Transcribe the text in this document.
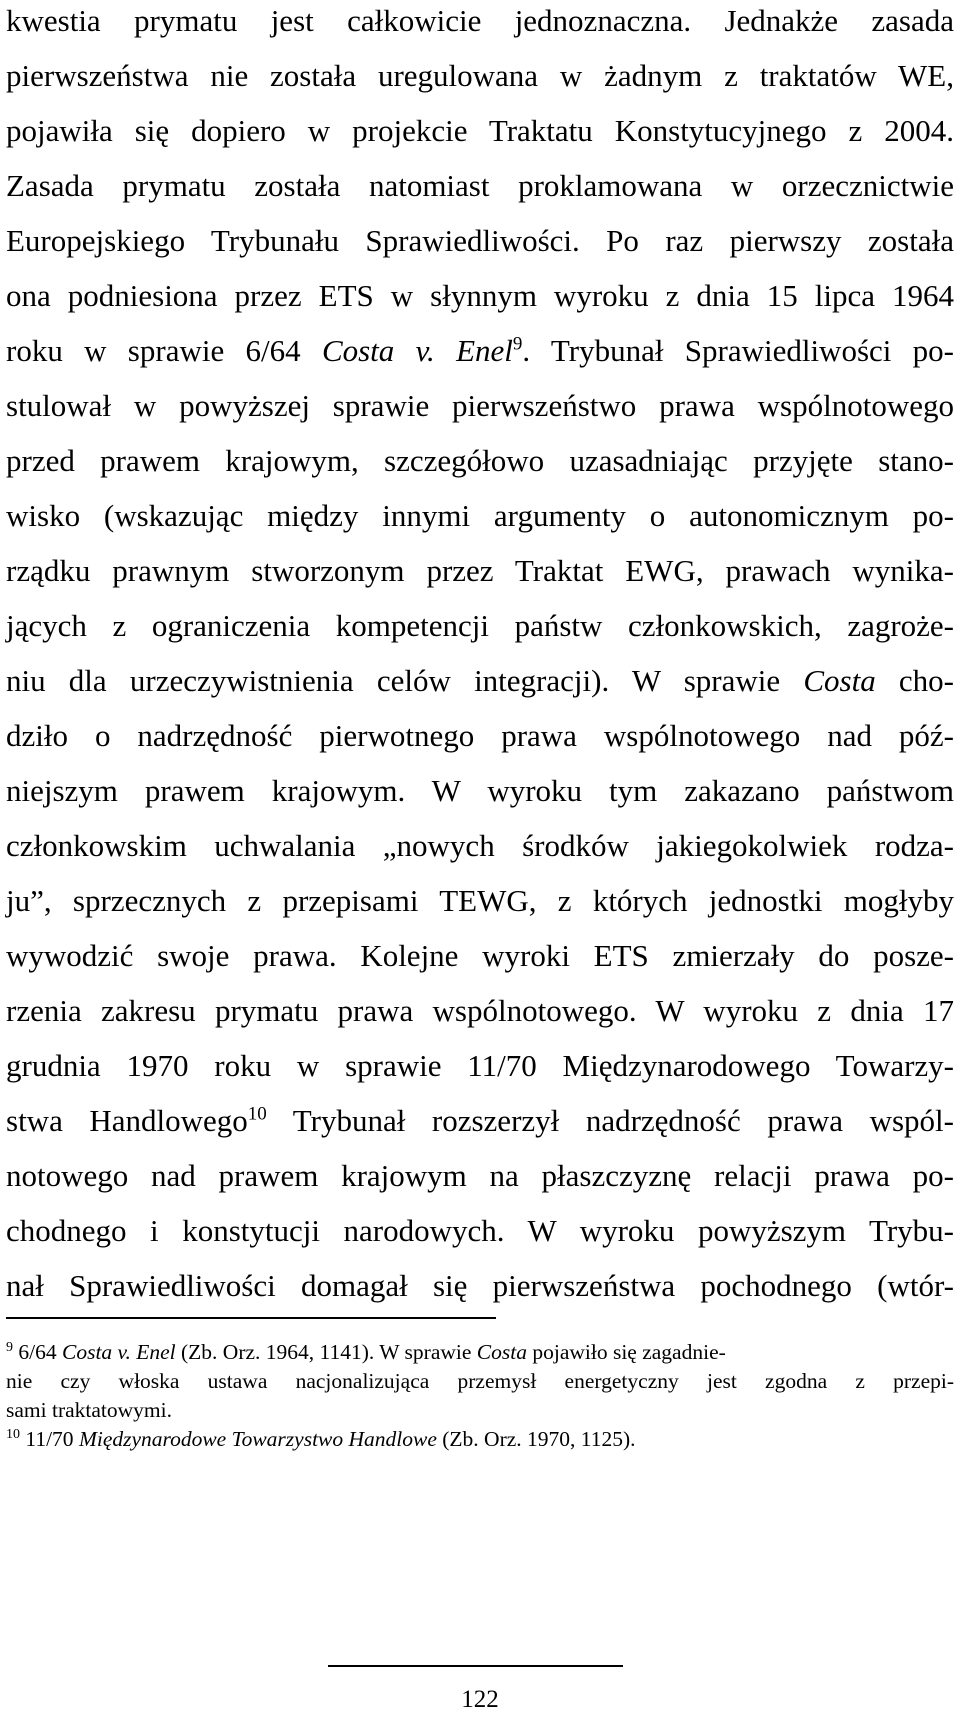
kwestia prymatu jest całkowicie jednoznaczna. Jednakże zasada

pierwszeństwa nie została uregulowana w żadnym z traktatów WE,

pojawiła się dopiero w projekcie Traktatu Konstytucyjnego z 2004.

Zasada prymatu została natomiast proklamowana w orzecznictwie

Europejskiego Trybunału Sprawiedliwości. Po raz pierwszy została

ona podniesiona przez ETS w słynnym wyroku z dnia 15 lipca 1964

roku w sprawie 6/64 Costa v. Enel$^9$. Trybunał Sprawiedliwości po-

stulował w powyższej sprawie pierwszeństwo prawa wspólnotowego

przed prawem krajowym, szczegółowo uzasadniając przyjęte stano-

wisko (wskazując między innymi argumenty o autonomicznym po-

rządku prawnym stworzonym przez Traktat EWG, prawach wynika-

jących z ograniczenia kompetencji państw członkowskich, zagroże-

niu dla urzeczywistnienia celów integracji). W sprawie Costa cho-

dziło o nadrzędność pierwotnego prawa wspólnotowego nad póź-

niejszym prawem krajowym. W wyroku tym zakazano państwom

członkowskim uchwalania „nowych środków jakiegokolwiek rodza-

ju”, sprzecznych z przepisami TEWG, z których jednostki mogłyby

wywodzić swoje prawa. Kolejne wyroki ETS zmierzały do posze-

rzenia zakresu prymatu prawa wspólnotowego. W wyroku z dnia 17

grudnia 1970 roku w sprawie 11/70 Międzynarodowego Towarzy-

stwa Handlowego$^{10}$ Trybunał rozszerzył nadrzędność prawa wspól-

notowego nad prawem krajowym na płaszczyznę relacji prawa po-

chodnego i konstytucji narodowych. W wyroku powyższym Trybu-

nał Sprawiedliwości domagał się pierwszeństwa pochodnego (wtór-

$^9$ 6/64 Costa v. Enel (Zb. Orz. 1964, 1141). W sprawie Costa pojawiło się zagadnie-

nie czy włoska ustawa nacjonalizująca przemysł energetyczny jest zgodna z przepi-

sami traktatowymi.

$^{10}$ 11/70 Międzynarodowe Towarzystwo Handlowe (Zb. Orz. 1970, 1125).

122
